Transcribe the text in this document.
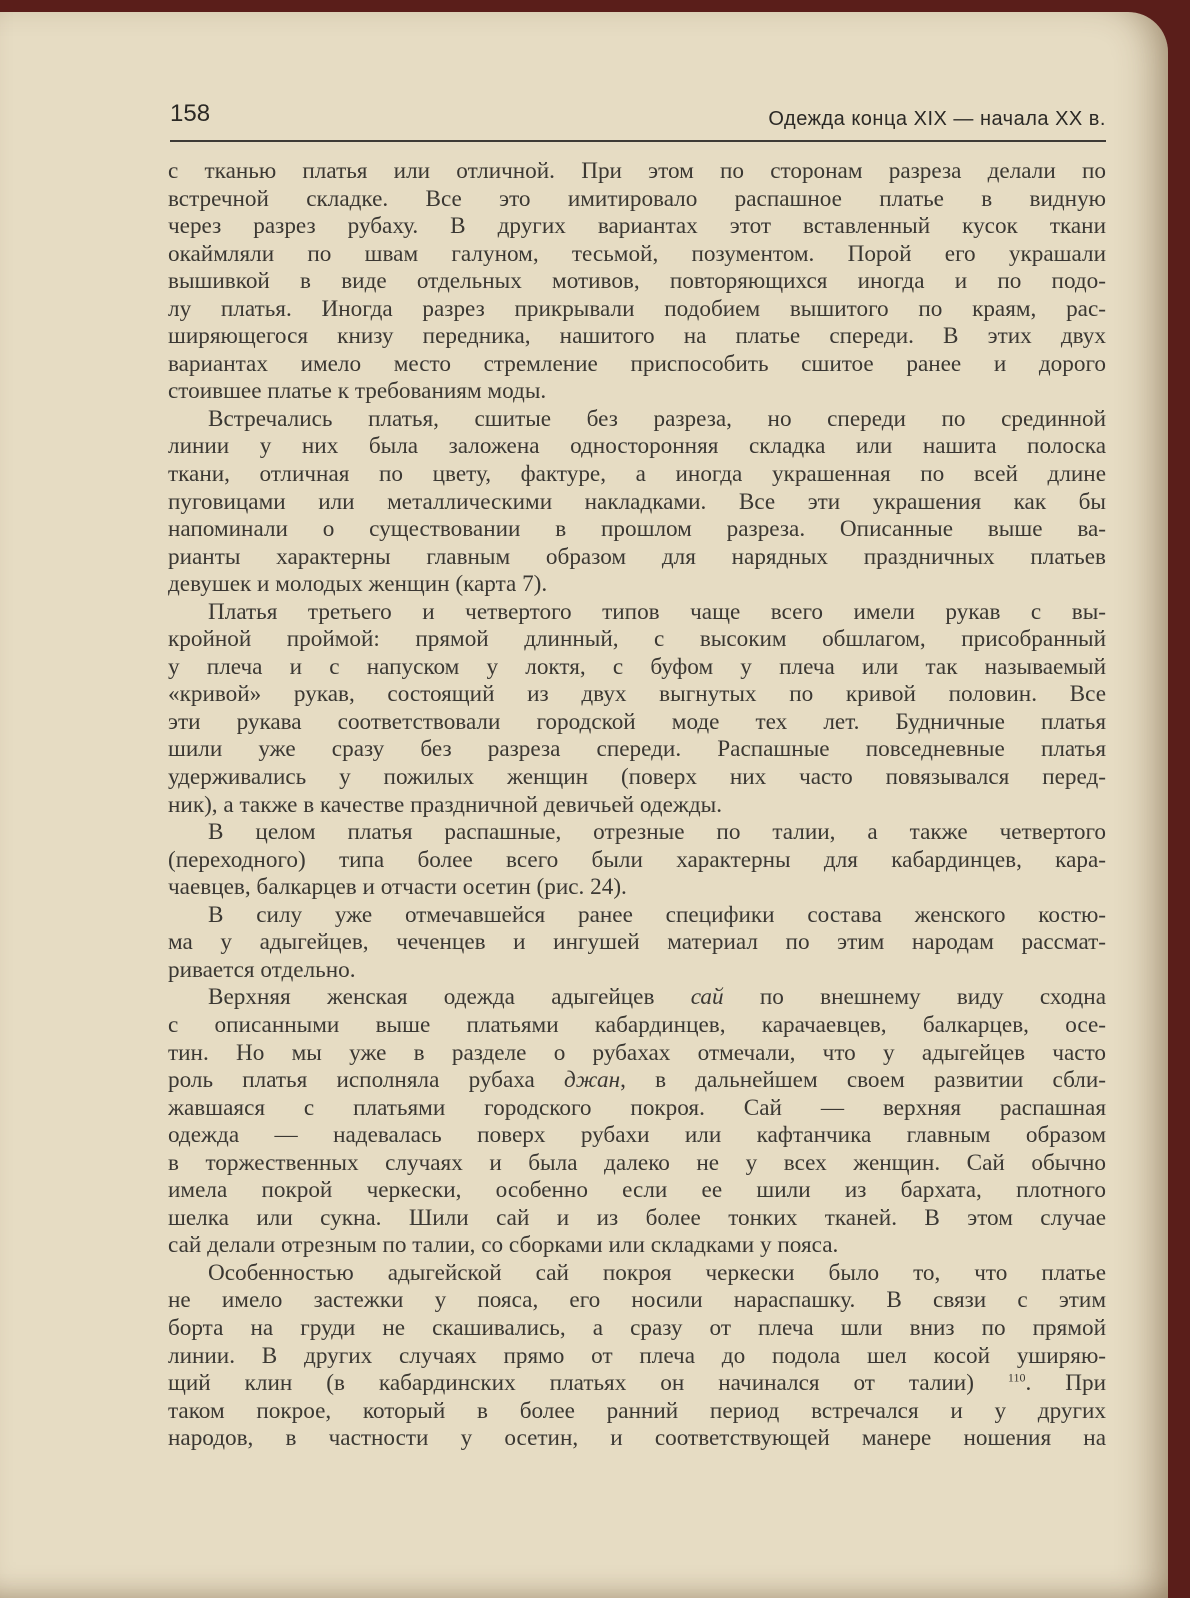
158	Одежда конца XIX — начала XX в.
с тканью платья или отличной. При этом по сторонам разреза делали по
встречной складке. Все это имитировало распашное платье в видную
через разрез рубаху. В других вариантах этот вставленный кусок ткани
окаймляли по швам галуном, тесьмой, позументом. Порой его украшали
вышивкой в виде отдельных мотивов, повторяющихся иногда и по подо-
лу платья. Иногда разрез прикрывали подобием вышитого по краям, рас-
ширяющегося книзу передника, нашитого на платье спереди. В этих двух
вариантах имело место стремление приспособить сшитое ранее и дорого
стоившее платье к требованиям моды.
Встречались платья, сшитые без разреза, но спереди по срединной
линии у них была заложена односторонняя складка или нашита полоска
ткани, отличная по цвету, фактуре, а иногда украшенная по всей длине
пуговицами или металлическими накладками. Все эти украшения как бы
напоминали о существовании в прошлом разреза. Описанные выше ва-
рианты характерны главным образом для нарядных праздничных платьев
девушек и молодых женщин (карта 7).
Платья третьего и четвертого типов чаще всего имели рукав с вы-
кройной проймой: прямой длинный, с высоким обшлагом, присобранный
у плеча и с напуском у локтя, с буфом у плеча или так называемый
«кривой» рукав, состоящий из двух выгнутых по кривой половин. Все
эти рукава соответствовали городской моде тех лет. Будничные платья
шили уже сразу без разреза спереди. Распашные повседневные платья
удерживались у пожилых женщин (поверх них часто повязывался перед-
ник), а также в качестве праздничной девичьей одежды.
В целом платья распашные, отрезные по талии, а также четвертого
(переходного) типа более всего были характерны для кабардинцев, кара-
чаевцев, балкарцев и отчасти осетин (рис. 24).
В силу уже отмечавшейся ранее специфики состава женского костю-
ма у адыгейцев, чеченцев и ингушей материал по этим народам рассмат-
ривается отдельно.
Верхняя женская одежда адыгейцев сай по внешнему виду сходна
с описанными выше платьями кабардинцев, карачаевцев, балкарцев, осе-
тин. Но мы уже в разделе о рубахах отмечали, что у адыгейцев часто
роль платья исполняла рубаха джан, в дальнейшем своем развитии сбли-
жавшаяся с платьями городского покроя. Сай — верхняя распашная
одежда — надевалась поверх рубахи или кафтанчика главным образом
в торжественных случаях и была далеко не у всех женщин. Сай обычно
имела покрой черкески, особенно если ее шили из бархата, плотного
шелка или сукна. Шили сай и из более тонких тканей. В этом случае
сай делали отрезным по талии, со сборками или складками у пояса.
Особенностью адыгейской сай покроя черкески было то, что платье
не имело застежки у пояса, его носили нараспашку. В связи с этим
борта на груди не скашивались, а сразу от плеча шли вниз по прямой
линии. В других случаях прямо от плеча до подола шел косой уширяю-
щий клин (в кабардинских платьях он начинался от талии) $^{110}$. При
таком покрое, который в более ранний период встречался и у других
народов, в частности у осетин, и соответствующей манере ношения на
